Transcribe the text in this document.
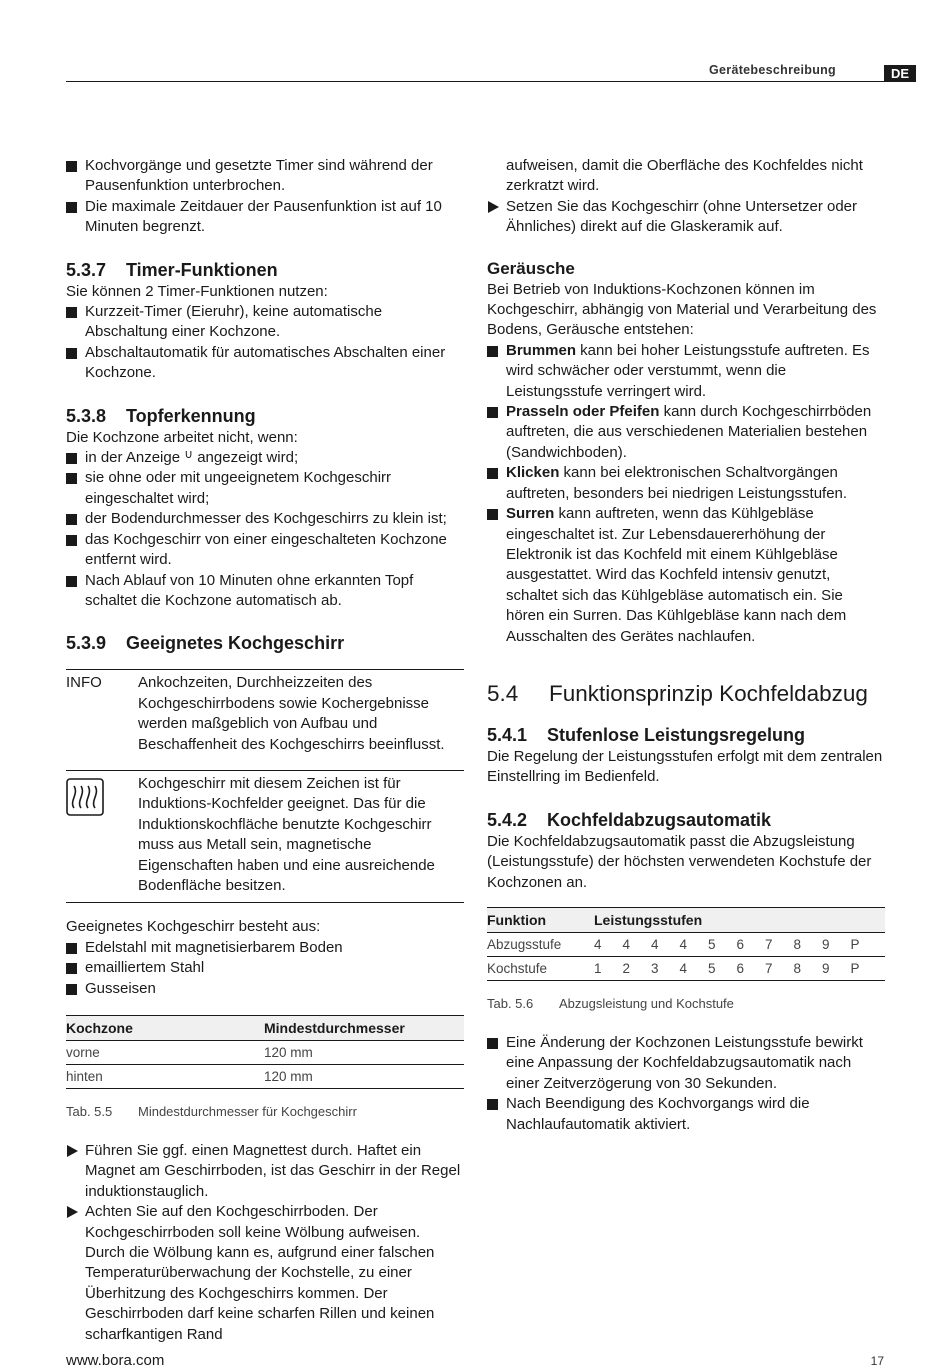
Gerätebeschreibung	DE
Kochvorgänge und gesetzte Timer sind während der Pausenfunktion unterbrochen.
Die maximale Zeitdauer der Pausenfunktion ist auf 10 Minuten begrenzt.
5.3.7 Timer-Funktionen

Sie können 2 Timer-Funktionen nutzen:

Kurzzeit-Timer (Eieruhr), keine automatische Abschaltung einer Kochzone.
Abschaltautomatik für automatisches Abschalten einer Kochzone.
5.3.8 Topferkennung

Die Kochzone arbeitet nicht, wenn:

in der Anzeige ∪ angezeigt wird;
sie ohne oder mit ungeeignetem Kochgeschirr eingeschaltet wird;
der Bodendurchmesser des Kochgeschirrs zu klein ist;
das Kochgeschirr von einer eingeschalteten Kochzone entfernt wird.
Nach Ablauf von 10 Minuten ohne erkannten Topf schaltet die Kochzone automatisch ab.
5.3.9 Geeignetes Kochgeschirr
INFO	Ankochzeiten, Durchheizzeiten des Kochgeschirrbodens sowie Kochergebnisse werden maßgeblich von Aufbau und Beschaffenheit des Kochgeschirrs beeinflusst.
Kochgeschirr mit diesem Zeichen ist für Induktions-Kochfelder geeignet. Das für die Induktionskochfläche benutzte Kochgeschirr muss aus Metall sein, magnetische Eigenschaften haben und eine ausreichende Bodenfläche besitzen.

Geeignetes Kochgeschirr besteht aus:

Edelstahl mit magnetisierbarem Boden
emailliertem Stahl
Gusseisen
Kochzone	Mindestdurchmesser
vorne	120 mm
hinten	120 mm
Tab. 5.5 Mindestdurchmesser für Kochgeschirr
Führen Sie ggf. einen Magnettest durch. Haftet ein Magnet am Geschirrboden, ist das Geschirr in der Regel induktionstauglich.
Achten Sie auf den Kochgeschirrboden. Der Kochgeschirrboden soll keine Wölbung aufweisen. Durch die Wölbung kann es, aufgrund einer falschen Temperaturüberwachung der Kochstelle, zu einer Überhitzung des Kochgeschirrs kommen. Der Geschirrboden darf keine scharfen Rillen und keinen scharfkantigen Rand

aufweisen, damit die Oberfläche des Kochfeldes nicht zerkratzt wird.

Setzen Sie das Kochgeschirr (ohne Untersetzer oder Ähnliches) direkt auf die Glaskeramik auf.
Geräusche

Bei Betrieb von Induktions-Kochzonen können im Kochgeschirr, abhängig von Material und Verarbeitung des Bodens, Geräusche entstehen:

Brummen kann bei hoher Leistungsstufe auftreten. Es wird schwächer oder verstummt, wenn die Leistungsstufe verringert wird.
Prasseln oder Pfeifen kann durch Kochgeschirrböden auftreten, die aus verschiedenen Materialien bestehen (Sandwichboden).
Klicken kann bei elektronischen Schaltvorgängen auftreten, besonders bei niedrigen Leistungsstufen.
Surren kann auftreten, wenn das Kühlgebläse eingeschaltet ist. Zur Lebensdauererhöhung der Elektronik ist das Kochfeld mit einem Kühlgebläse ausgestattet. Wird das Kochfeld intensiv genutzt, schaltet sich das Kühlgebläse automatisch ein. Sie hören ein Surren. Das Kühlgebläse kann nach dem Ausschalten des Gerätes nachlaufen.
5.4 Funktionsprinzip Kochfeldabzug
5.4.1 Stufenlose Leistungsregelung

Die Regelung der Leistungsstufen erfolgt mit dem zentralen Einstellring im Bedienfeld.

5.4.2 Kochfeldabzugsautomatik

Die Kochfeldabzugsautomatik passt die Abzugsleistung (Leistungsstufe) der höchsten verwendeten Kochstufe der Kochzonen an.

Funktion	Leistungsstufen									
Abzugsstufe	4	4	4	4	5	6	7	8	9	P
Kochstufe	1	2	3	4	5	6	7	8	9	P
Tab. 5.6 Abzugsleistung und Kochstufe
Eine Änderung der Kochzonen Leistungsstufe bewirkt eine Anpassung der Kochfeldabzugsautomatik nach einer Zeitverzögerung von 30 Sekunden.
Nach Beendigung des Kochvorgangs wird die Nachlaufautomatik aktiviert.
www.bora.com	17
